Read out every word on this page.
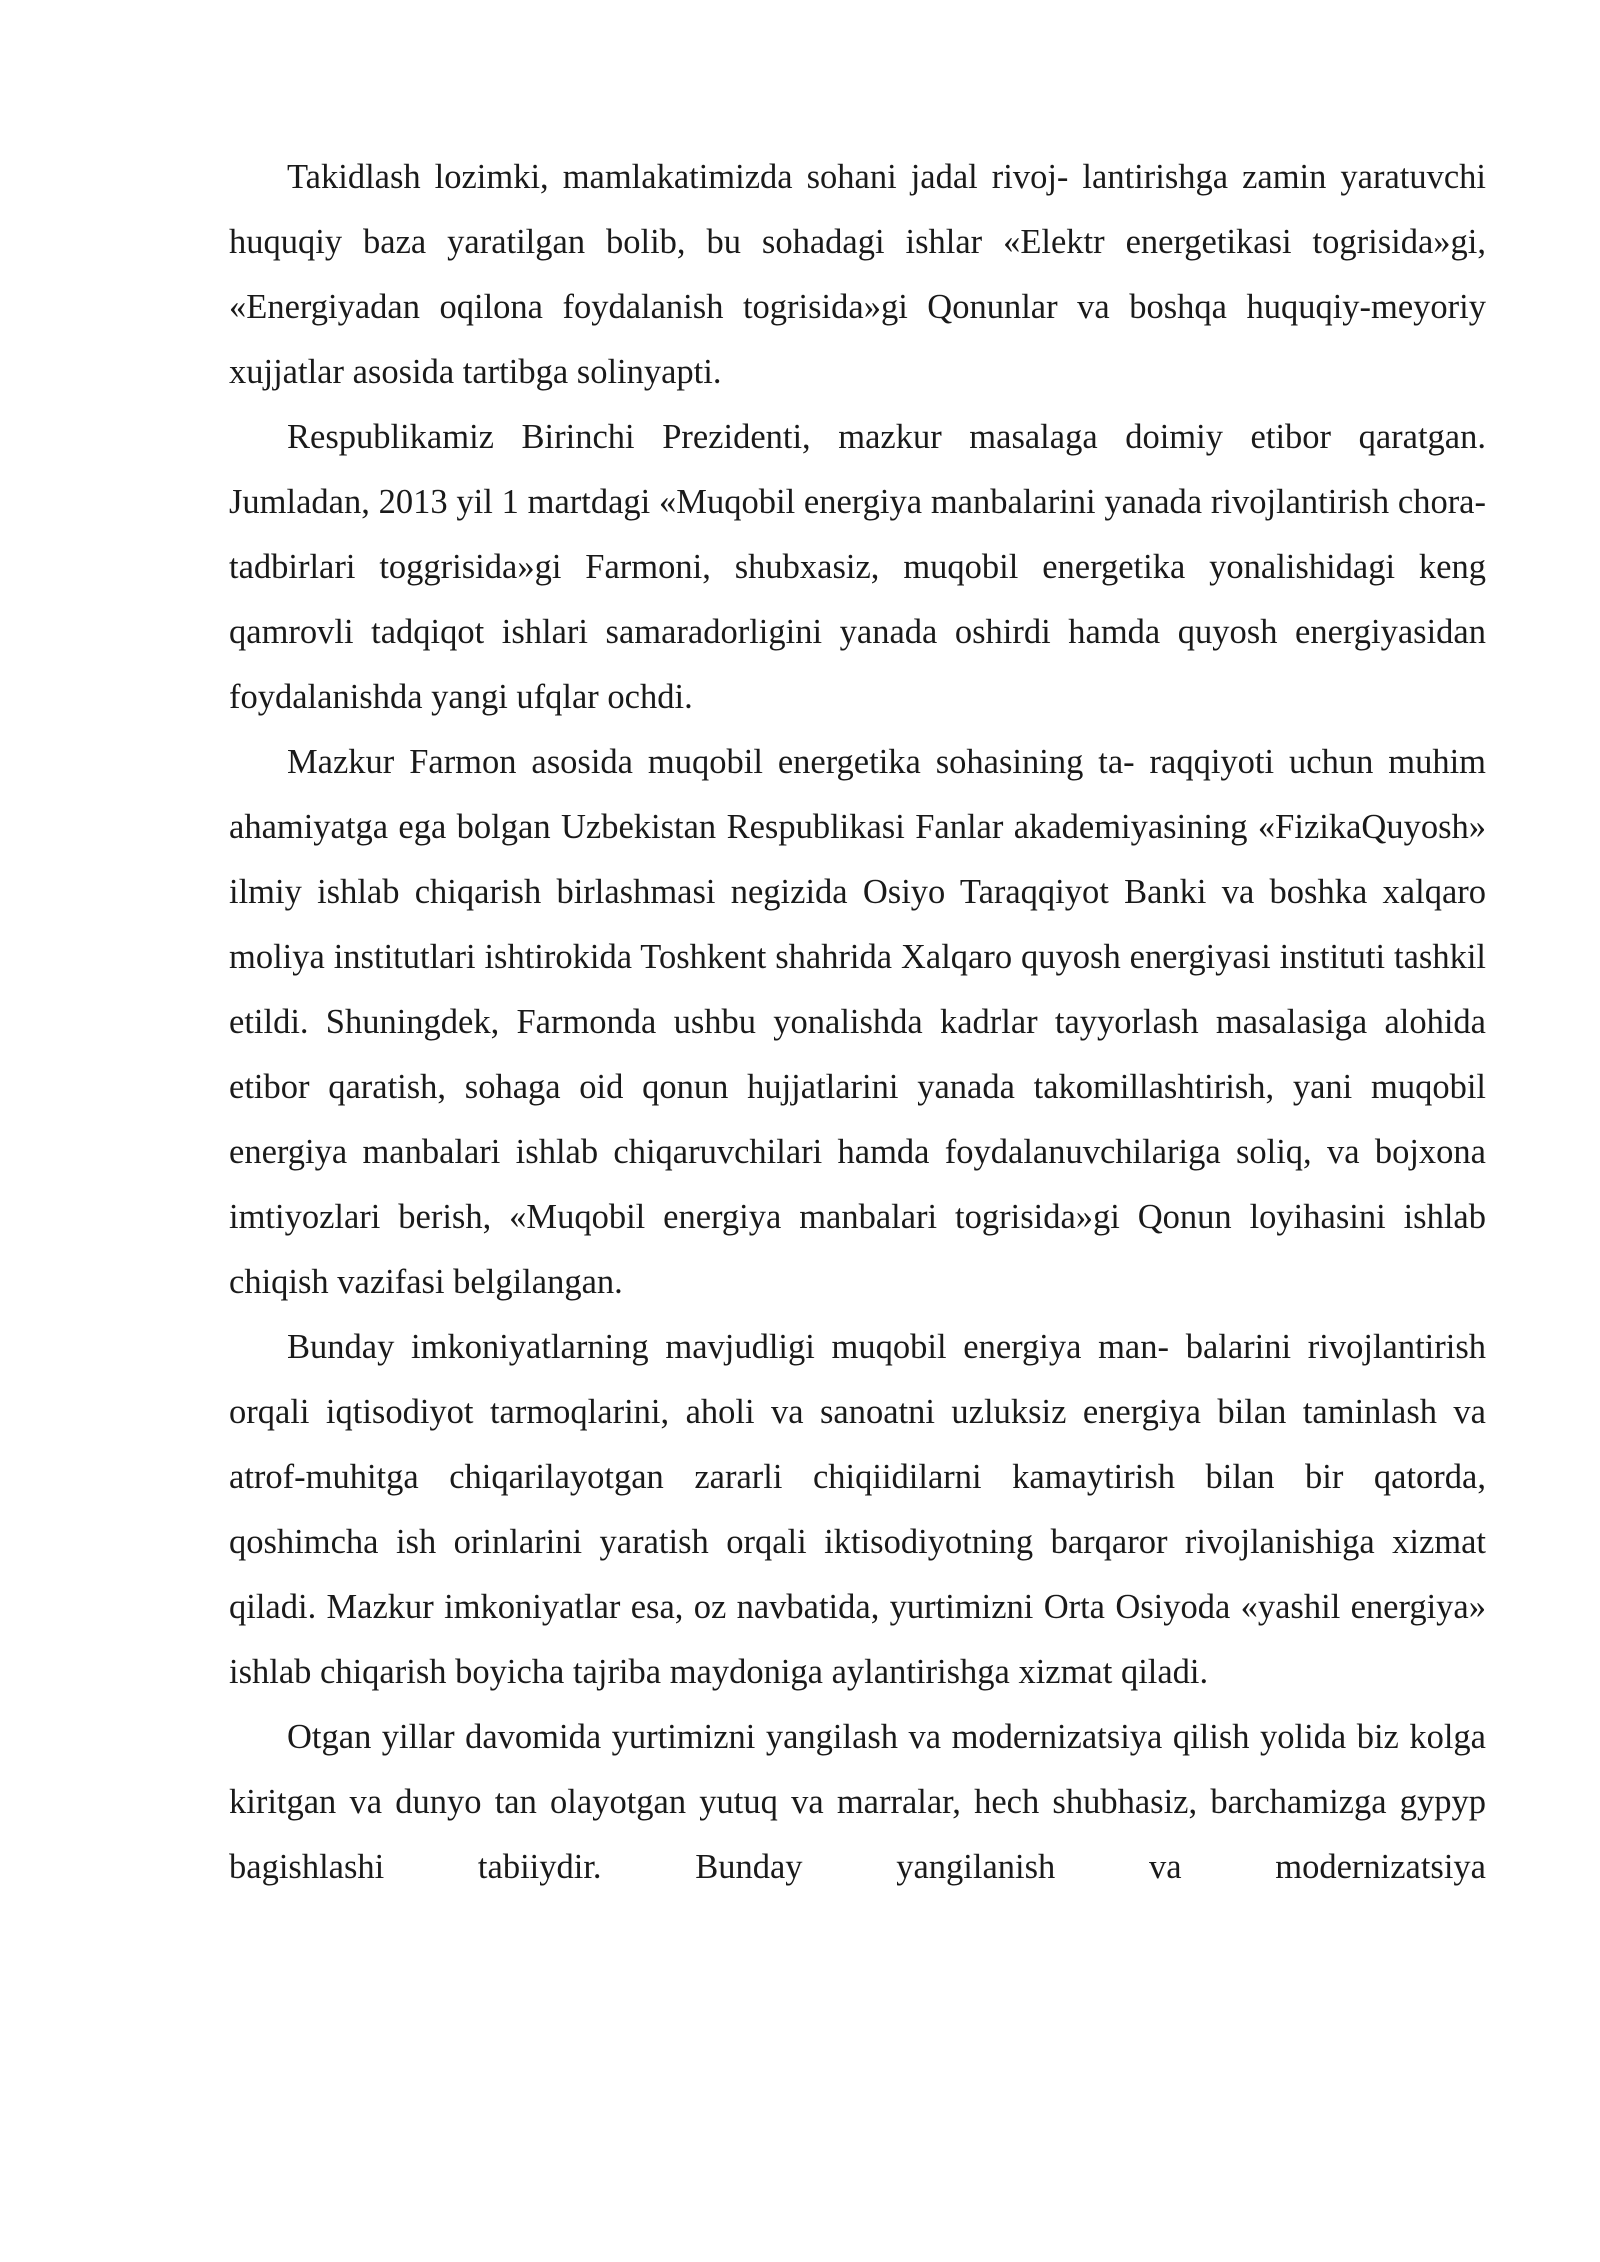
Takidlash lozimki, mamlakatimizda sohani jadal rivoj- lantirishga zamin yaratuvchi huquqiy baza yaratilgan bolib, bu sohadagi ishlar «Elektr energetikasi togrisida»gi, «Energiyadan oqilona foydalanish togrisida»gi Qonunlar va boshqa huquqiy-meyoriy xujjatlar asosida tartibga solinyapti.

Respublikamiz Birinchi Prezidenti, mazkur masalaga doimiy etibor qaratgan. Jumladan, 2013 yil 1 martdagi «Muqobil energiya manbalarini yanada rivojlantirish chora-tadbirlari toggrisida»gi Farmoni, shubxasiz, muqobil energetika yonalishidagi keng qamrovli tadqiqot ishlari samaradorligini yanada oshirdi hamda quyosh energiyasidan foydalanishda yangi ufqlar ochdi.

Mazkur Farmon asosida muqobil energetika sohasining ta- raqqiyoti uchun muhim ahamiyatga ega bolgan Uzbekistan Respublikasi Fanlar akademiyasining «FizikaQuyosh» ilmiy ishlab chiqarish birlashmasi negizida Osiyo Taraqqiyot Banki va boshka xalqaro moliya institutlari ishtirokida Toshkent shahrida Xalqaro quyosh energiyasi instituti tashkil etildi. Shuningdek, Farmonda ushbu yonalishda kadrlar tayyorlash masalasiga alohida etibor qaratish, sohaga oid qonun hujjatlarini yanada takomillashtirish, yani muqobil energiya manbalari ishlab chiqaruvchilari hamda foydalanuvchilariga soliq, va bojxona imtiyozlari berish, «Muqobil energiya manbalari togrisida»gi Qonun loyihasini ishlab chiqish vazifasi belgilangan.

Bunday imkoniyatlarning mavjudligi muqobil energiya man- balarini rivojlantirish orqali iqtisodiyot tarmoqlarini, aholi va sanoatni uzluksiz energiya bilan taminlash va atrof-muhitga chiqarilayotgan zararli chiqiidilarni kamaytirish bilan bir qatorda, qoshimcha ish orinlarini yaratish orqali iktisodiyotning barqaror rivojlanishiga xizmat qiladi. Mazkur imkoniyatlar esa, oz navbatida, yurtimizni Orta Osiyoda «yashil energiya» ishlab chiqarish boyicha tajriba maydoniga aylantirishga xizmat qiladi.

Otgan yillar davomida yurtimizni yangilash va modernizatsiya qilish yolida biz kolga kiritgan va dunyo tan olayotgan yutuq va marralar, hech shubhasiz, barchamizga gypyp bagishlashi tabiiydir. Bunday yangilanish va modernizatsiya
